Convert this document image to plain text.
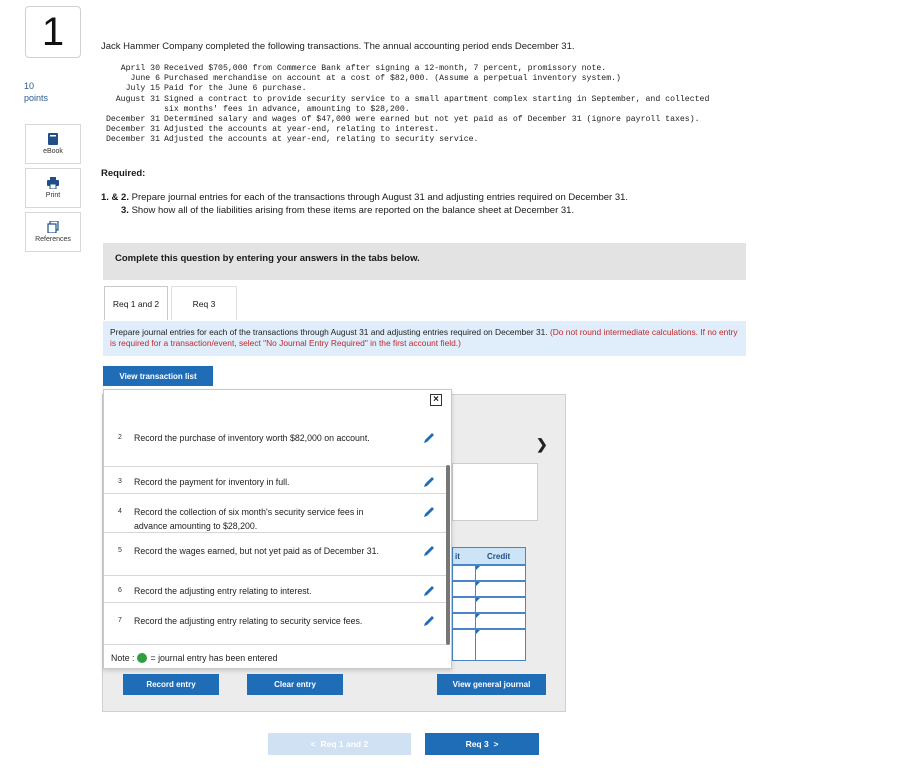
1
10
points
eBook
Print
References
Jack Hammer Company completed the following transactions. The annual accounting period ends December 31.
April 30 Received $705,000 from Commerce Bank after signing a 12-month, 7 percent, promissory note.
June 6 Purchased merchandise on account at a cost of $82,000. (Assume a perpetual inventory system.)
July 15 Paid for the June 6 purchase.
August 31 Signed a contract to provide security service to a small apartment complex starting in September, and collected six months' fees in advance, amounting to $28,200.
December 31 Determined salary and wages of $47,000 were earned but not yet paid as of December 31 (ignore payroll taxes).
December 31 Adjusted the accounts at year-end, relating to interest.
December 31 Adjusted the accounts at year-end, relating to security service.
Required:
1. & 2. Prepare journal entries for each of the transactions through August 31 and adjusting entries required on December 31.
3. Show how all of the liabilities arising from these items are reported on the balance sheet at December 31.
Complete this question by entering your answers in the tabs below.
Req 1 and 2	Req 3
Prepare journal entries for each of the transactions through August 31 and adjusting entries required on December 31. (Do not round intermediate calculations. If no entry is required for a transaction/event, select "No Journal Entry Required" in the first account field.)
View transaction list
❯
it	Credit
Record entry	Clear entry	View general journal
×
2 Record the purchase of inventory worth $82,000 on account.
3 Record the payment for inventory in full.
4 Record the collection of six month's security service fees in advance amounting to $28,200.
5 Record the wages earned, but not yet paid as of December 31.
6 Record the adjusting entry relating to interest.
7 Record the adjusting entry relating to security service fees.
Note : = journal entry has been entered
<
Req 1 and 2	Req 3
>
